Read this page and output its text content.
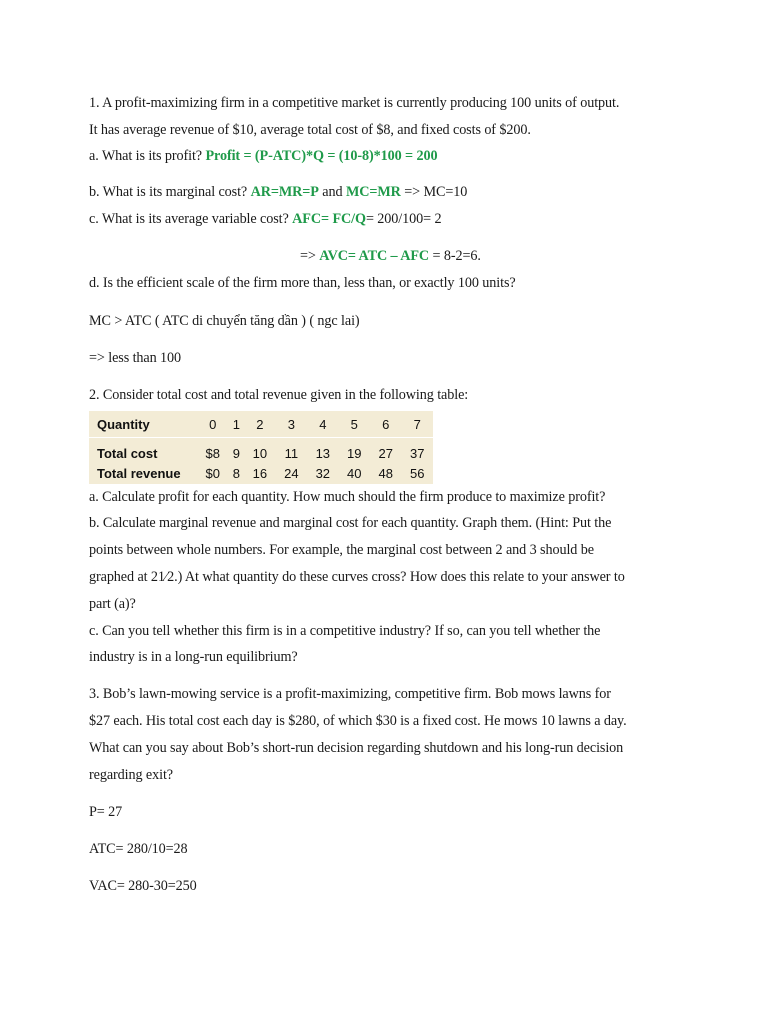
1. A profit-maximizing firm in a competitive market is currently producing 100 units of output.
It has average revenue of $10, average total cost of $8, and fixed costs of $200.
a. What is its profit? Profit = (P-ATC)*Q = (10-8)*100 = 200
b. What is its marginal cost? AR=MR=P and MC=MR => MC=10
c. What is its average variable cost? AFC= FC/Q= 200/100= 2
=> AVC= ATC – AFC = 8-2=6.
d. Is the efficient scale of the firm more than, less than, or exactly 100 units?
MC > ATC ( ATC di chuyển tăng dần ) ( ngc lai)
=> less than 100
2. Consider total cost and total revenue given in the following table:
Quantity	0	1	2	3	4	5	6	7
Total cost	$8	9	10	11	13	19	27	37
Total revenue	$0	8	16	24	32	40	48	56
a. Calculate profit for each quantity. How much should the firm produce to maximize profit?
b. Calculate marginal revenue and marginal cost for each quantity. Graph them. (Hint: Put the
points between whole numbers. For example, the marginal cost between 2 and 3 should be
graphed at 21⁄2.) At what quantity do these curves cross? How does this relate to your answer to
part (a)?
c. Can you tell whether this firm is in a competitive industry? If so, can you tell whether the
industry is in a long-run equilibrium?
3. Bob’s lawn-mowing service is a profit-maximizing, competitive firm. Bob mows lawns for
$27 each. His total cost each day is $280, of which $30 is a fixed cost. He mows 10 lawns a day.
What can you say about Bob’s short-run decision regarding shutdown and his long-run decision
regarding exit?
P= 27
ATC= 280/10=28
VAC= 280-30=250
